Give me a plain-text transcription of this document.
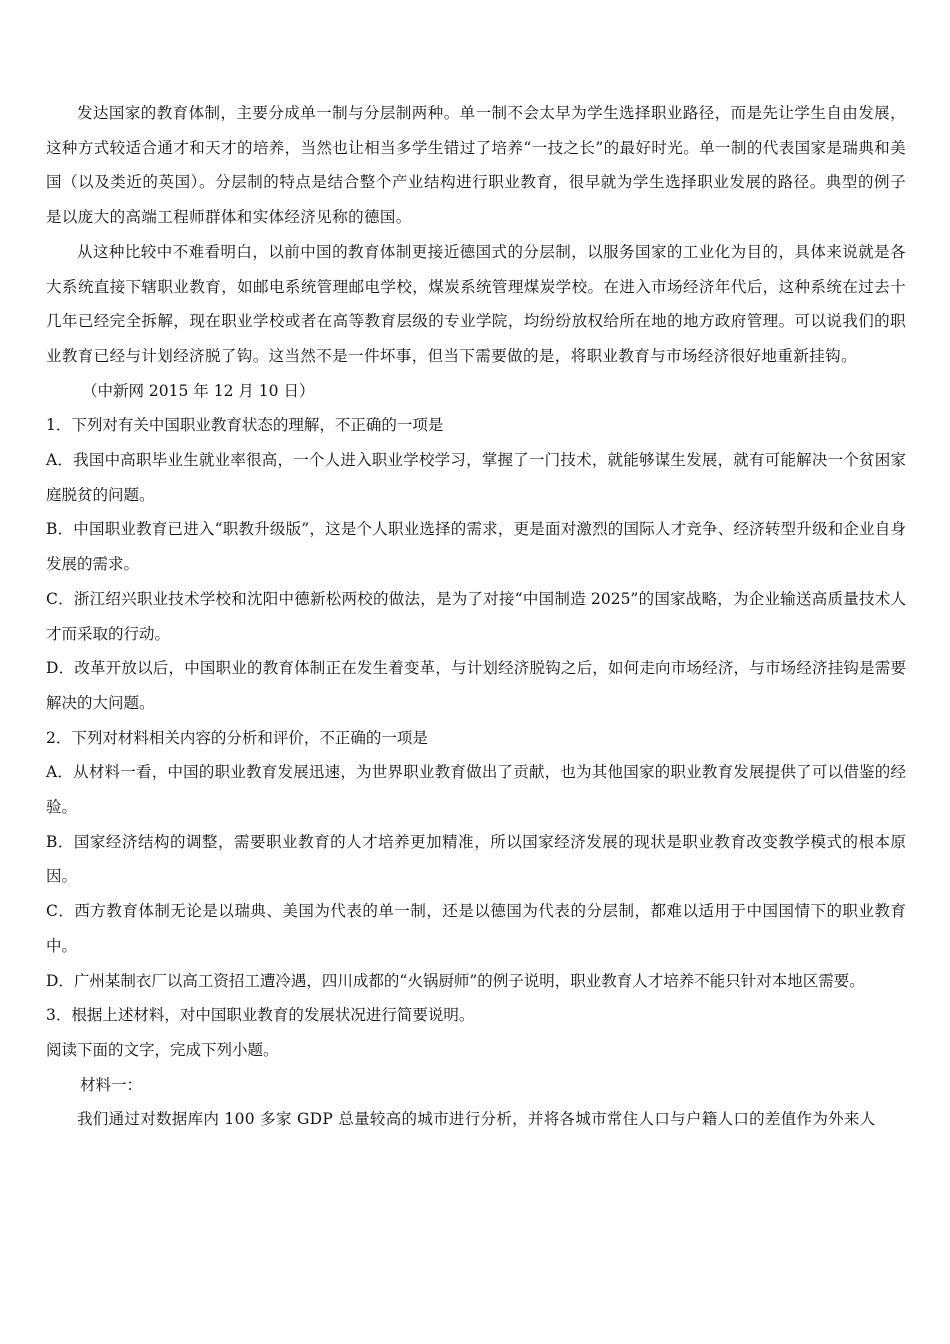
发达国家的教育体制，主要分成单一制与分层制两种。单一制不会太早为学生选择职业路径，而是先让学生自由发展，这种方式较适合通才和天才的培养，当然也让相当多学生错过了培养“一技之长”的最好时光。单一制的代表国家是瑞典和美国（以及类近的英国）。分层制的特点是结合整个产业结构进行职业教育，很早就为学生选择职业发展的路径。典型的例子是以庞大的高端工程师群体和实体经济见称的德国。

从这种比较中不难看明白，以前中国的教育体制更接近德国式的分层制，以服务国家的工业化为目的，具体来说就是各大系统直接下辖职业教育，如邮电系统管理邮电学校，煤炭系统管理煤炭学校。在进入市场经济年代后，这种系统在过去十几年已经完全拆解，现在职业学校或者在高等教育层级的专业学院，均纷纷放权给所在地的地方政府管理。可以说我们的职业教育已经与计划经济脱了钩。这当然不是一件坏事，但当下需要做的是，将职业教育与市场经济很好地重新挂钩。

（中新网 2015 年 12 月 10 日）

1．下列对有关中国职业教育状态的理解，不正确的一项是

A．我国中高职毕业生就业率很高，一个人进入职业学校学习，掌握了一门技术，就能够谋生发展，就有可能解决一个贫困家庭脱贫的问题。

B．中国职业教育已进入“职教升级版”，这是个人职业选择的需求，更是面对激烈的国际人才竞争、经济转型升级和企业自身发展的需求。

C．浙江绍兴职业技术学校和沈阳中德新松两校的做法，是为了对接“中国制造 2025”的国家战略，为企业输送高质量技术人才而采取的行动。

D．改革开放以后，中国职业的教育体制正在发生着变革，与计划经济脱钩之后，如何走向市场经济，与市场经济挂钩是需要解决的大问题。

2．下列对材料相关内容的分析和评价，不正确的一项是

A．从材料一看，中国的职业教育发展迅速，为世界职业教育做出了贡献，也为其他国家的职业教育发展提供了可以借鉴的经验。

B．国家经济结构的调整，需要职业教育的人才培养更加精准，所以国家经济发展的现状是职业教育改变教学模式的根本原因。

C．西方教育体制无论是以瑞典、美国为代表的单一制，还是以德国为代表的分层制，都难以适用于中国国情下的职业教育中。

D．广州某制衣厂以高工资招工遭冷遇，四川成都的“火锅厨师”的例子说明，职业教育人才培养不能只针对本地区需要。

3．根据上述材料，对中国职业教育的发展状况进行简要说明。

阅读下面的文字，完成下列小题。

材料一：

我们通过对数据库内 100 多家 GDP 总量较高的城市进行分析，并将各城市常住人口与户籍人口的差值作为外来人
